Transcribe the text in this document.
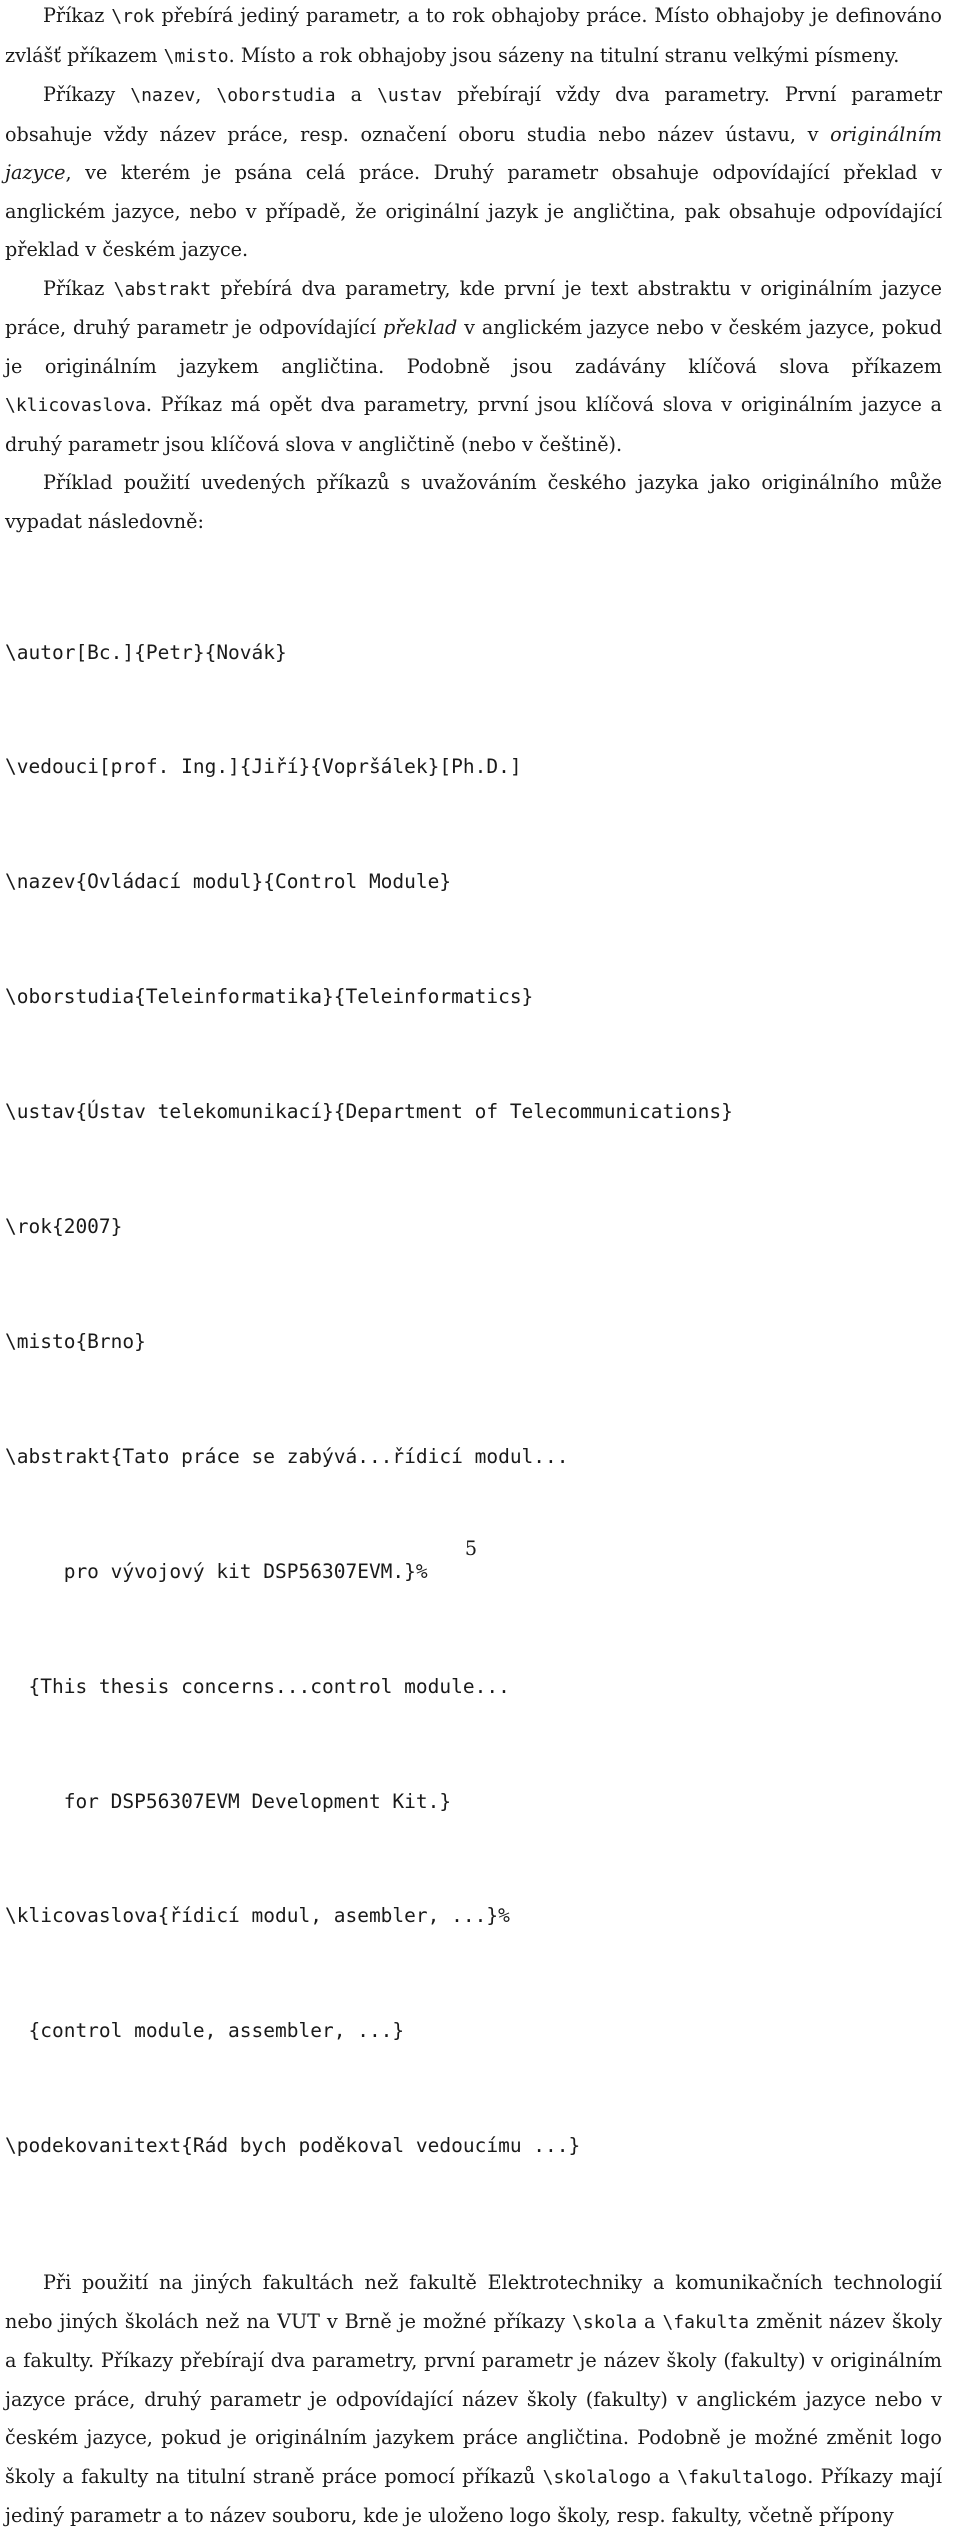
Příkaz \rok přebírá jediný parametr, a to rok obhajoby práce. Místo obhajoby je definováno zvlášť příkazem \misto. Místo a rok obhajoby jsou sázeny na titulní stranu velkými písmeny.

Příkazy \nazev, \oborstudia a \ustav přebírají vždy dva parametry. První parametr obsahuje vždy název práce, resp. označení oboru studia nebo název ústavu, v originálním jazyce, ve kterém je psána celá práce. Druhý parametr obsahuje odpovídající překlad v anglickém jazyce, nebo v případě, že originální jazyk je angličtina, pak obsahuje odpovídající překlad v českém jazyce.

Příkaz \abstrakt přebírá dva parametry, kde první je text abstraktu v originálním jazyce práce, druhý parametr je odpovídající překlad v anglickém jazyce nebo v českém jazyce, pokud je originálním jazykem angličtina. Podobně jsou zadávány klíčová slova příkazem \klicovaslova. Příkaz má opět dva parametry, první jsou klíčová slova v originálním jazyce a druhý parametr jsou klíčová slova v angličtině (nebo v češtině).

Příklad použití uvedených příkazů s uvažováním českého jazyka jako originálního může vypadat následovně:

\autor[Bc.]{Petr}{Novák}

\vedouci[prof. Ing.]{Jiří}{Vopršálek}[Ph.D.]

\nazev{Ovládací modul}{Control Module}

\oborstudia{Teleinformatika}{Teleinformatics}

\ustav{Ústav telekomunikací}{Department of Telecommunications}

\rok{2007}

\misto{Brno}

\abstrakt{Tato práce se zabývá...řídicí modul...

pro vývojový kit DSP56307EVM.}%

{This thesis concerns...control module...

for DSP56307EVM Development Kit.}

\klicovaslova{řídicí modul, asembler, ...}%

{control module, assembler, ...}

\podekovanitext{Rád bych poděkoval vedoucímu ...}

Při použití na jiných fakultách než fakultě Elektrotechniky a komunikačních technologií nebo jiných školách než na VUT v Brně je možné příkazy \skola a \fakulta změnit název školy a fakulty. Příkazy přebírají dva parametry, první parametr je název školy (fakulty) v originálním jazyce práce, druhý parametr je odpovídající název školy (fakulty) v anglickém jazyce nebo v českém jazyce, pokud je originálním jazykem práce angličtina. Podobně je možné změnit logo školy a fakulty na titulní straně práce pomocí příkazů \skolalogo a \fakultalogo. Příkazy mají jediný parametr a to název souboru, kde je uloženo logo školy, resp. fakulty, včetně přípony

5
